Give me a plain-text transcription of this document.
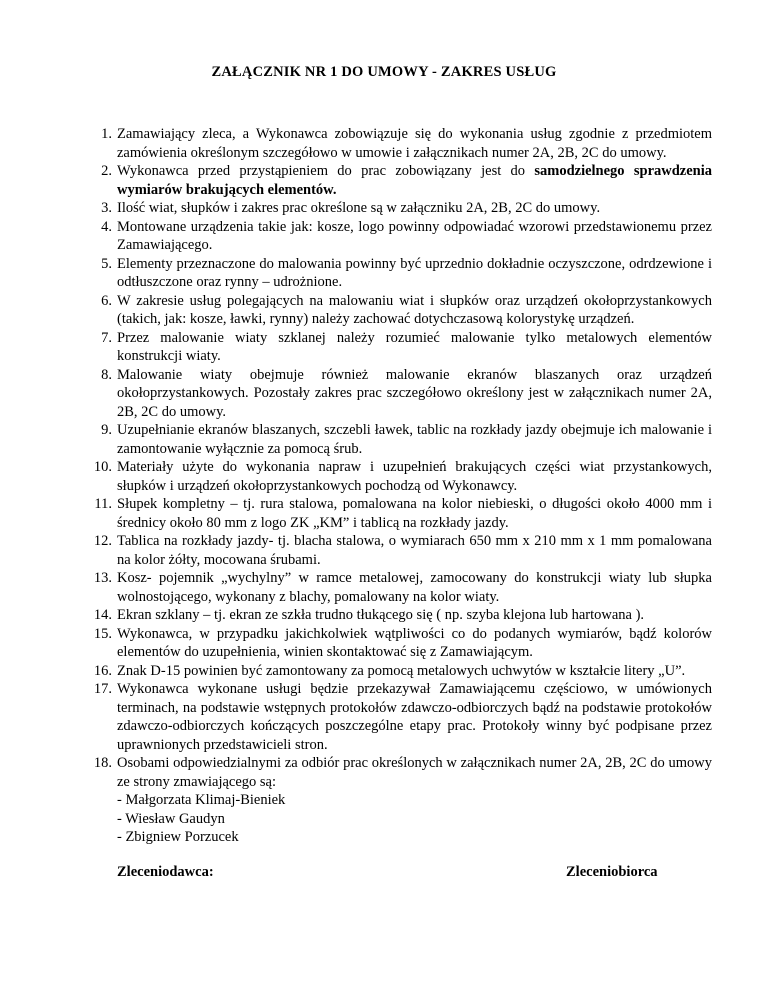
ZAŁĄCZNIK NR 1 DO UMOWY - ZAKRES USŁUG
1. Zamawiający zleca, a Wykonawca zobowiązuje się do wykonania usług zgodnie z przedmiotem zamówienia określonym szczegółowo w umowie i załącznikach numer 2A, 2B, 2C do umowy.
2. Wykonawca przed przystąpieniem do prac zobowiązany jest do samodzielnego sprawdzenia wymiarów brakujących elementów.
3. Ilość wiat, słupków i zakres prac określone są w załączniku 2A, 2B, 2C do umowy.
4. Montowane urządzenia takie jak: kosze, logo powinny odpowiadać wzorowi przedstawionemu przez Zamawiającego.
5. Elementy przeznaczone do malowania powinny być uprzednio dokładnie oczyszczone, odrdzewione i odtłuszczone oraz rynny – udrożnione.
6. W zakresie usług polegających na malowaniu wiat i słupków oraz urządzeń okołoprzystankowych (takich, jak: kosze, ławki, rynny) należy zachować dotychczasową kolorystykę urządzeń.
7. Przez malowanie wiaty szklanej należy rozumieć malowanie tylko metalowych elementów konstrukcji wiaty.
8. Malowanie wiaty obejmuje również malowanie ekranów blaszanych oraz urządzeń okołoprzystankowych. Pozostały zakres prac szczegółowo określony jest w załącznikach numer 2A, 2B, 2C do umowy.
9. Uzupełnianie ekranów blaszanych, szczebli ławek, tablic na rozkłady jazdy obejmuje ich malowanie i zamontowanie wyłącznie za pomocą śrub.
10. Materiały użyte do wykonania napraw i uzupełnień brakujących części wiat przystankowych, słupków i urządzeń okołoprzystankowych pochodzą od Wykonawcy.
11. Słupek kompletny – tj. rura stalowa, pomalowana na kolor niebieski, o długości około 4000 mm i średnicy około 80 mm z logo ZK „KM” i tablicą na rozkłady jazdy.
12. Tablica na rozkłady jazdy- tj. blacha stalowa, o wymiarach 650 mm x 210 mm x 1 mm pomalowana na kolor żółty, mocowana śrubami.
13. Kosz- pojemnik „wychylny” w ramce metalowej, zamocowany do konstrukcji wiaty lub słupka wolnostojącego, wykonany z blachy, pomalowany na kolor wiaty.
14. Ekran szklany – tj. ekran ze szkła trudno tłukącego się ( np. szyba klejona lub hartowana ).
15. Wykonawca, w przypadku jakichkolwiek wątpliwości co do podanych wymiarów, bądź kolorów elementów do uzupełnienia, winien skontaktować się z Zamawiającym.
16. Znak D-15 powinien być zamontowany za pomocą metalowych uchwytów w kształcie litery „U”.
17. Wykonawca wykonane usługi będzie przekazywał Zamawiającemu częściowo, w umówionych terminach, na podstawie wstępnych protokołów zdawczo-odbiorczych bądź na podstawie protokołów zdawczo-odbiorczych kończących poszczególne etapy prac. Protokoły winny być podpisane przez uprawnionych przedstawicieli stron.
18. Osobami odpowiedzialnymi za odbiór prac określonych w załącznikach numer 2A, 2B, 2C do umowy ze strony zmawiającego są:
- Małgorzata Klimaj-Bieniek
- Wiesław Gaudyn
- Zbigniew Porzucek
Zleceniodawca:	Zleceniobiorca
